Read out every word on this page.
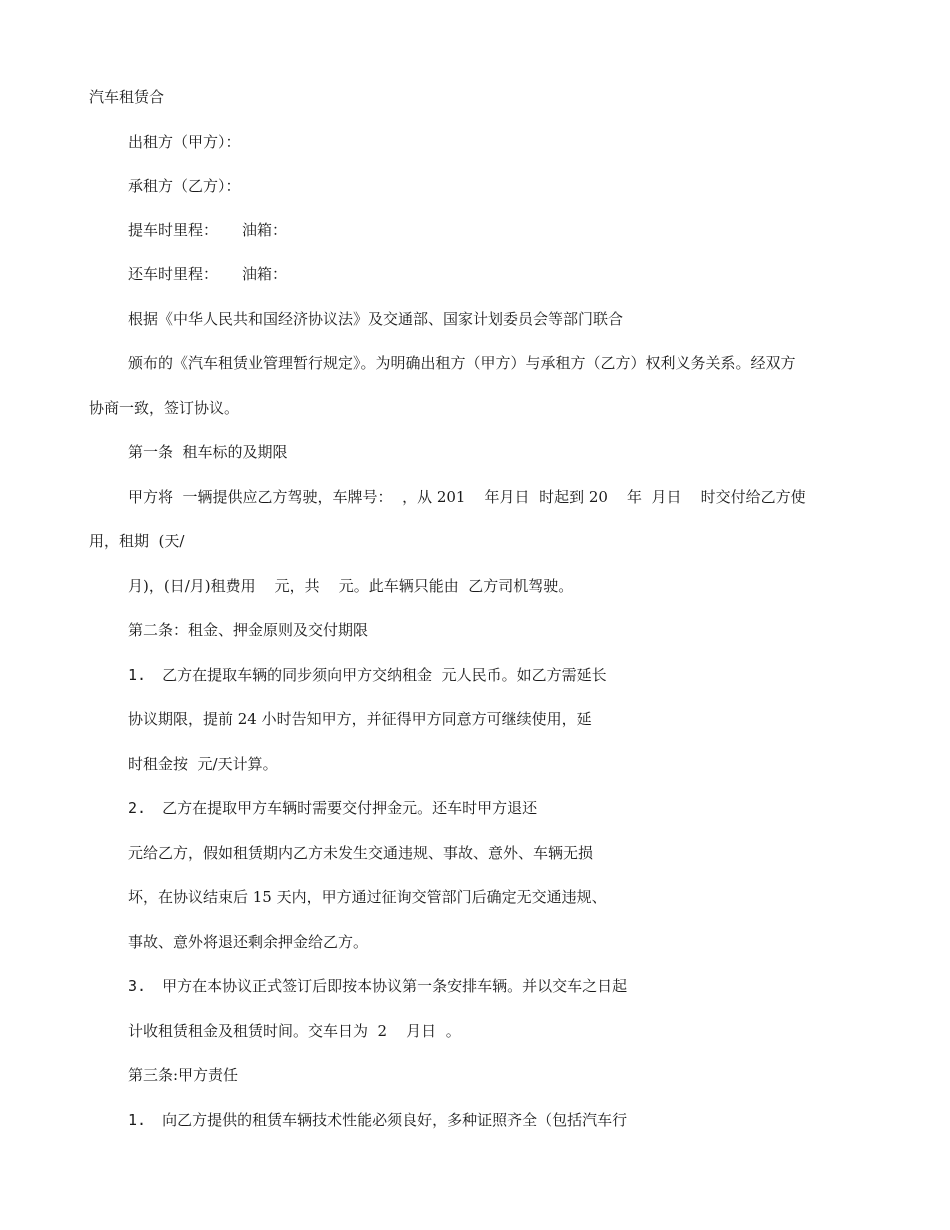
汽车租赁合

出租方（甲方）：

承租方（乙方）：

提车时里程： 油箱：

还车时里程： 油箱：

根据《中华人民共和国经济协议法》及交通部、国家计划委员会等部门联合

颁布的《汽车租赁业管理暂行规定》。为明确出租方（甲方）与承租方（乙方）权利义务关系。经双方

协商一致，签订协议。

第一条  租车标的及期限

甲方将  一辆提供应乙方驾驶，车牌号：  ，从 201    年月日  时起到 20    年  月日    时交付给乙方使

用，租期  (天/

月)，(日/月)租费用    元，共    元。此车辆只能由  乙方司机驾驶。

第二条：租金、押金原则及交付期限

1. 乙方在提取车辆的同步须向甲方交纳租金  元人民币。如乙方需延长

协议期限，提前 24 小时告知甲方，并征得甲方同意方可继续使用，延

时租金按  元/天计算。

2. 乙方在提取甲方车辆时需要交付押金元。还车时甲方退还

元给乙方，假如租赁期内乙方未发生交通违规、事故、意外、车辆无损

坏，在协议结束后 15 天内，甲方通过征询交管部门后确定无交通违规、

事故、意外将退还剩余押金给乙方。

3. 甲方在本协议正式签订后即按本协议第一条安排车辆。并以交车之日起

计收租赁租金及租赁时间。交车日为  2    月日  。

第三条:甲方责任

1. 向乙方提供的租赁车辆技术性能必须良好，多种证照齐全（包括汽车行
